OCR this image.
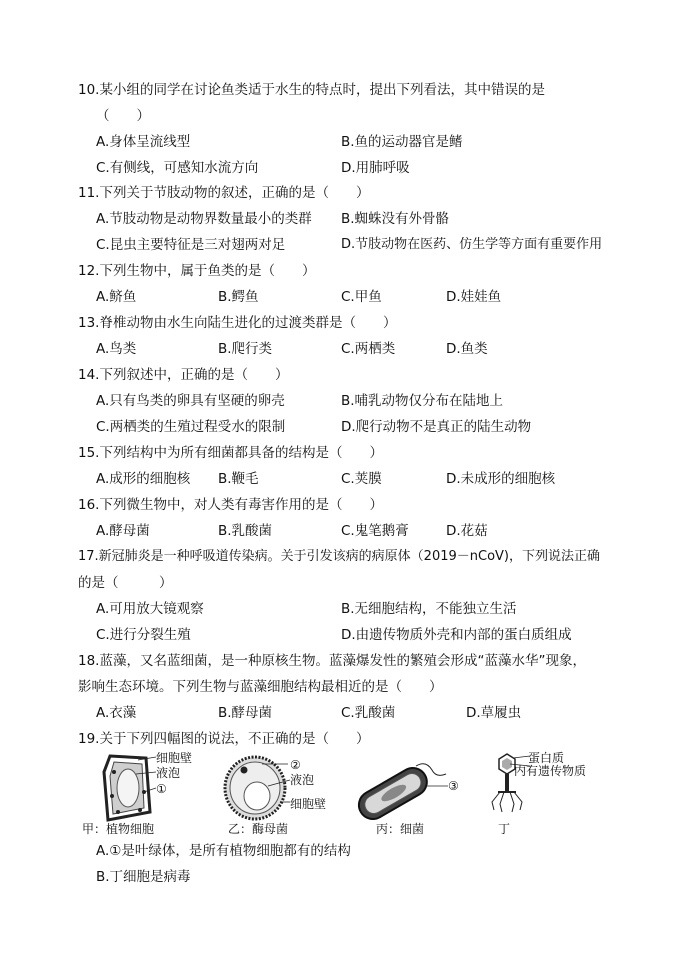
10.某小组的同学在讨论鱼类适于水生的特点时，提出下列看法，其中错误的是
（　　）
A.身体呈流线型	B.鱼的运动器官是鳍
C.有侧线，可感知水流方向	D.用肺呼吸
11.下列关于节肢动物的叙述，正确的是（　　）
A.节肢动物是动物界数量最小的类群 B.蜘蛛没有外骨骼
C.昆虫主要特征是三对翅两对足	D.节肢动物在医药、仿生学等方面有重要作用
12.下列生物中，属于鱼类的是（　　）
A.鲚鱼	B.鳄鱼	C.甲鱼	D.娃娃鱼
13.脊椎动物由水生向陆生进化的过渡类群是（　　）
A.鸟类	B.爬行类	C.两栖类	D.鱼类
14.下列叙述中，正确的是（　　）
A.只有鸟类的卵具有坚硬的卵壳	B.哺乳动物仅分布在陆地上
C.两栖类的生殖过程受水的限制	D.爬行动物不是真正的陆生动物
15.下列结构中为所有细菌都具备的结构是（　　）
A.成形的细胞核 B.鞭毛	C.荚膜	D.未成形的细胞核
16.下列微生物中，对人类有毒害作用的是（　　）
A.酵母菌	B.乳酸菌	C.鬼笔鹅膏	D.花菇
17.新冠肺炎是一种呼吸道传染病。关于引发该病的病原体（2019－nCoV)，下列说法正确
的是（　　　）
A.可用放大镜观察	B.无细胞结构，不能独立生活
C.进行分裂生殖	D.由遗传物质外壳和内部的蛋白质组成
18.蓝藻，又名蓝细菌，是一种原核生物。蓝藻爆发性的繁殖会形成“蓝藻水华”现象，
影响生态环境。下列生物与蓝藻细胞结构最相近的是（　　）
A.衣藻	B.酵母菌	C.乳酸菌	D.草履虫
19.关于下列四幅图的说法，不正确的是（　　）
细胞壁
液泡
①
甲：植物细胞
②
液泡
细胞壁
乙：酶母菌
③
丙：细菌
蛋白质
内有遗传物质
丁
A.①是叶绿体，是所有植物细胞都有的结构
B.丁细胞是病毒
